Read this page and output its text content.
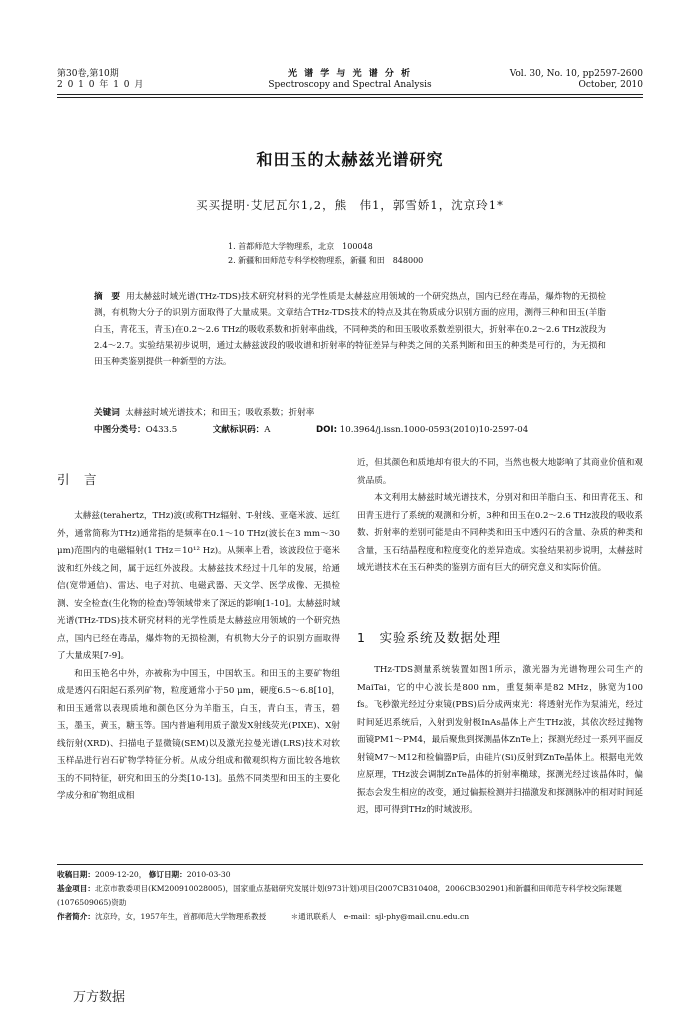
第30卷,第10期
2 0 1 0 年 1 0 月
光 谱 学 与 光 谱 分 析
Spectroscopy and Spectral Analysis
Vol. 30, No. 10, pp2597-2600
October, 2010
和田玉的太赫兹光谱研究
买买提明·艾尼瓦尔1,2，熊　伟1，郭雪娇1，沈京玲1*
1. 首都师范大学物理系，北京　100048
2. 新疆和田师范专科学校物理系，新疆 和田　848000
摘　要 用太赫兹时域光谱(THz-TDS)技术研究材料的光学性质是太赫兹应用领域的一个研究热点，国内已经在毒品，爆炸物的无损检测，有机物大分子的识别方面取得了大量成果。文章结合THz-TDS技术的特点及其在物质成分识别方面的应用，测得三种和田玉(羊脂白玉，青花玉，青玉)在0.2～2.6 THz的吸收系数和折射率曲线，不同种类的和田玉吸收系数差别很大，折射率在0.2～2.6 THz波段为2.4～2.7。实验结果初步说明，通过太赫兹波段的吸收谱和折射率的特征差异与种类之间的关系判断和田玉的种类是可行的，为无损和田玉种类鉴别提供一种新型的方法。
关键词 太赫兹时域光谱技术；和田玉；吸收系数；折射率
中图分类号：O433.5	文献标识码：A	DOI: 10.3964/j.issn.1000-0593(2010)10-2597-04
引　言

太赫兹(terahertz，THz)波(或称THz辐射、T-射线、亚毫米波、远红外，通常简称为THz)通常指的是频率在0.1～10 THz(波长在3 mm～30 μm)范围内的电磁辐射(1 THz＝10¹² Hz)。从频率上看，该波段位于毫米波和红外线之间，属于远红外波段。太赫兹技术经过十几年的发展，给通信(宽带通信)、雷达、电子对抗、电磁武器、天文学、医学成像、无损检测、安全检查(生化物的检查)等领域带来了深远的影响[1-10]。太赫兹时域光谱(THz-TDS)技术研究材料的光学性质是太赫兹应用领域的一个研究热点，国内已经在毒品，爆炸物的无损检测，有机物大分子的识别方面取得了大量成果[7-9]。

和田玉艳名中外，亦被称为中国玉，中国软玉。和田玉的主要矿物组成是透闪石阳起石系列矿物，粒度通常小于50 μm，硬度6.5～6.8[10]，和田玉通常以表现质地和颜色区分为羊脂玉，白玉，青白玉，青玉，碧玉，墨玉，黄玉，糖玉等。国内普遍利用质子激发X射线荧光(PIXE)、X射线衍射(XRD)、扫描电子显微镜(SEM)以及激光拉曼光谱(LRS)技术对软玉样品进行岩石矿物学特征分析。从成分组成和微观织构方面比较各地软玉的不同特征，研究和田玉的分类[10-13]。虽然不同类型和田玉的主要化学成分和矿物组成相

近，但其颜色和质地却有很大的不同，当然也极大地影响了其商业价值和观赏品质。

本文利用太赫兹时域光谱技术，分别对和田羊脂白玉、和田青花玉、和田青玉进行了系统的观测和分析，3种和田玉在0.2～2.6 THz波段的吸收系数、折射率的差别可能是由不同种类和田玉中透闪石的含量、杂质的种类和含量，玉石结晶程度和粒度变化的差异造成。实验结果初步说明，太赫兹时域光谱技术在玉石种类的鉴别方面有巨大的研究意义和实际价值。

1　实验系统及数据处理

THz-TDS测量系统装置如图1所示，激光器为光谱物理公司生产的MaiTai，它的中心波长是800 nm，重复频率是82 MHz，脉宽为100 fs。飞秒激光经过分束镜(PBS)后分成两束光：将透射光作为泵浦光，经过时间延迟系统后，入射到发射极InAs晶体上产生THz波，其依次经过抛物面镜PM1～PM4，最后聚焦到探测晶体ZnTe上；探测光经过一系列平面反射镜M7～M12和检偏器P后，由硅片(Si)反射到ZnTe晶体上。根据电光效应原理，THz波会调制ZnTe晶体的折射率椭球，探测光经过该晶体时，偏振态会发生相应的改变，通过偏振检测并扫描激发和探测脉冲的相对时间延迟，即可得到THz的时域波形。

收稿日期：2009-12-20， 修订日期：2010-03-30
基金项目：北京市教委项目(KM200910028005)，国家重点基础研究发展计划(973计划)项目(2007CB310408，2006CB302901)和新疆和田师范专科学校交际课题(1076509065)资助
作者简介：沈京玲，女，1957年生，首都师范大学物理系教授	＊通讯联系人　e-mail：sjl-phy@mail.cnu.edu.cn
万方数据
